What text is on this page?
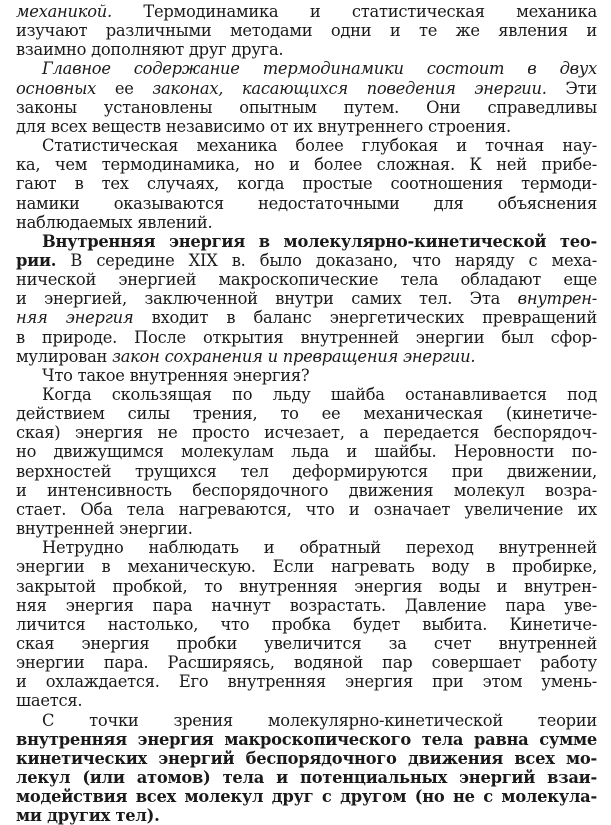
механикой. Термодинамика и статистическая механика
изучают различными методами одни и те же явления и
взаимно дополняют друг друга.
Главное содержание термодинамики состоит в двух
основных ее законах, касающихся поведения энергии. Эти
законы установлены опытным путем. Они справедливы
для всех веществ независимо от их внутреннего строения.
Статистическая механика более глубокая и точная нау-
ка, чем термодинамика, но и более сложная. К ней прибе-
гают в тех случаях, когда простые соотношения термоди-
намики оказываются недостаточными для объяснения
наблюдаемых явлений.
Внутренняя энергия в молекулярно-кинетической тео-
рии. В середине XIX в. было доказано, что наряду с меха-
нической энергией макроскопические тела обладают еще
и энергией, заключенной внутри самих тел. Эта внутрен-
няя энергия входит в баланс энергетических превращений
в природе. После открытия внутренней энергии был сфор-
мулирован закон сохранения и превращения энергии.
Что такое внутренняя энергия?
Когда скользящая по льду шайба останавливается под
действием силы трения, то ее механическая (кинетиче-
ская) энергия не просто исчезает, а передается беспорядоч-
но движущимся молекулам льда и шайбы. Неровности по-
верхностей трущихся тел деформируются при движении,
и интенсивность беспорядочного движения молекул возра-
стает. Оба тела нагреваются, что и означает увеличение их
внутренней энергии.
Нетрудно наблюдать и обратный переход внутренней
энергии в механическую. Если нагревать воду в пробирке,
закрытой пробкой, то внутренняя энергия воды и внутрен-
няя энергия пара начнут возрастать. Давление пара уве-
личится настолько, что пробка будет выбита. Кинетиче-
ская энергия пробки увеличится за счет внутренней
энергии пара. Расширяясь, водяной пар совершает работу
и охлаждается. Его внутренняя энергия при этом умень-
шается.
С точки зрения молекулярно-кинетической теории
внутренняя энергия макроскопического тела равна сумме
кинетических энергий беспорядочного движения всех мо-
лекул (или атомов) тела и потенциальных энергий взаи-
модействия всех молекул друг с другом (но не с молекула-
ми других тел).
